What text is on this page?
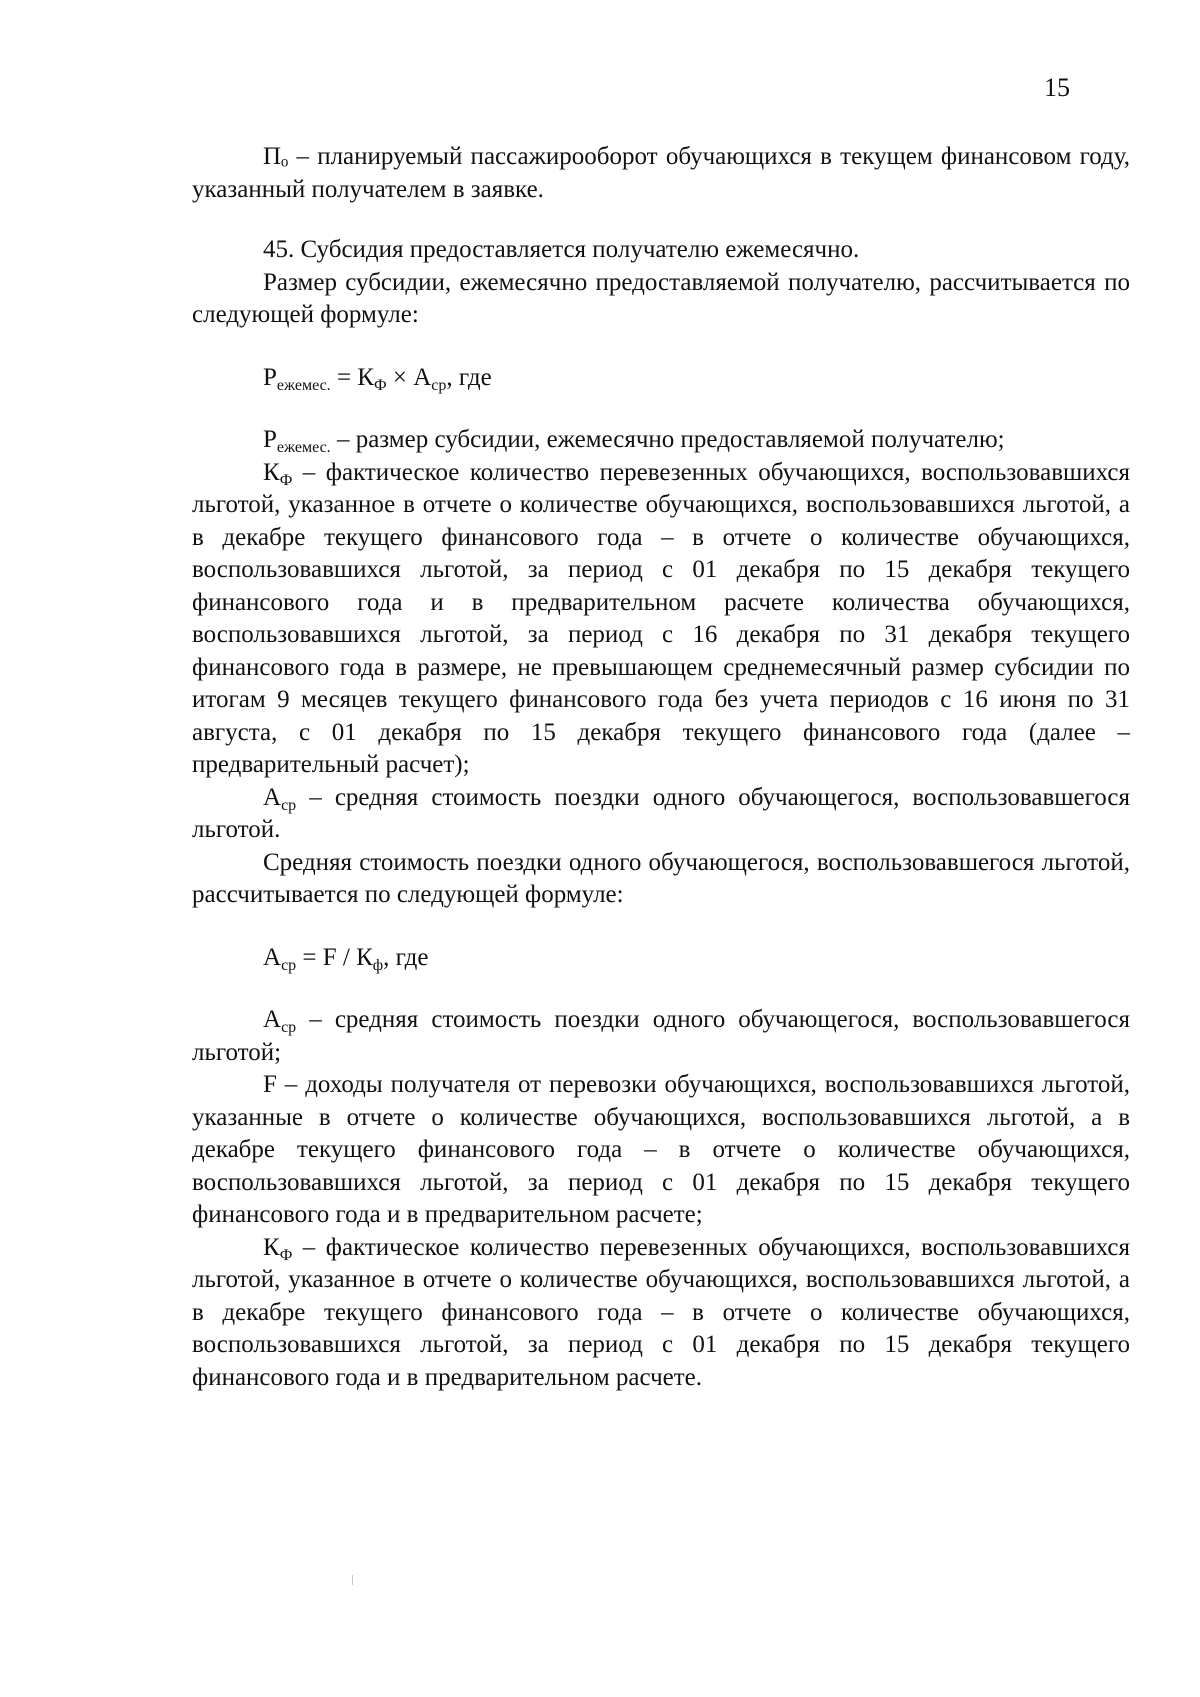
15

Пₒ – планируемый пассажирооборот обучающихся в текущем финансовом году, указанный получателем в заявке.

45. Субсидия предоставляется получателю ежемесячно.

Размер субсидии, ежемесячно предоставляемой получателю, рассчитывается по следующей формуле:

$Р_{ежемес.} = К_Ф \times А_{ср}$, где

$Р_{ежемес.}$ – размер субсидии, ежемесячно предоставляемой получателю;

$К_Ф$ – фактическое количество перевезенных обучающихся, воспользовавшихся льготой, указанное в отчете о количестве обучающихся, воспользовавшихся льготой, а в декабре текущего финансового года – в отчете о количестве обучающихся, воспользовавшихся льготой, за период с 01 декабря по 15 декабря текущего финансового года и в предварительном расчете количества обучающихся, воспользовавшихся льготой, за период с 16 декабря по 31 декабря текущего финансового года в размере, не превышающем среднемесячный размер субсидии по итогам 9 месяцев текущего финансового года без учета периодов с 16 июня по 31 августа, с 01 декабря по 15 декабря текущего финансового года (далее – предварительный расчет);

$А_{ср}$ – средняя стоимость поездки одного обучающегося, воспользовавшегося льготой.

Средняя стоимость поездки одного обучающегося, воспользовавшегося льготой, рассчитывается по следующей формуле:

$А_{ср} = F / К_ф$, где

$А_{ср}$ – средняя стоимость поездки одного обучающегося, воспользовавшегося льготой;

F – доходы получателя от перевозки обучающихся, воспользовавшихся льготой, указанные в отчете о количестве обучающихся, воспользовавшихся льготой, а в декабре текущего финансового года – в отчете о количестве обучающихся, воспользовавшихся льготой, за период с 01 декабря по 15 декабря текущего финансового года и в предварительном расчете;

$К_Ф$ – фактическое количество перевезенных обучающихся, воспользовавшихся льготой, указанное в отчете о количестве обучающихся, воспользовавшихся льготой, а в декабре текущего финансового года – в отчете о количестве обучающихся, воспользовавшихся льготой, за период с 01 декабря по 15 декабря текущего финансового года и в предварительном расчете.
